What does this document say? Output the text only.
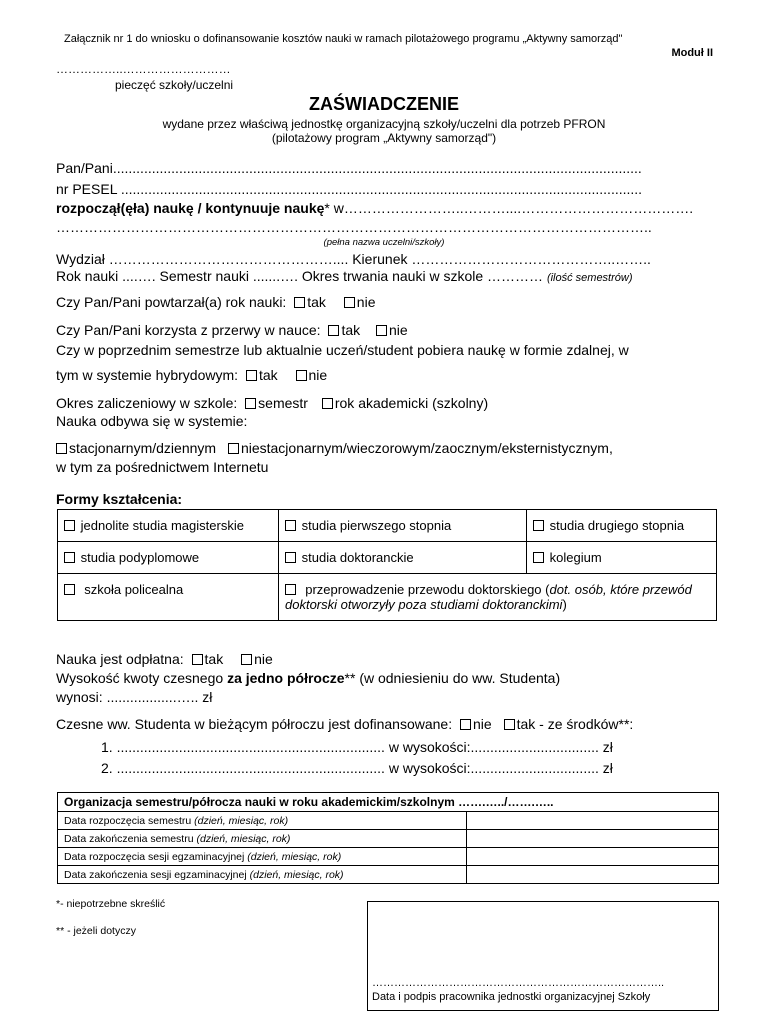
Załącznik nr 1 do wniosku o dofinansowanie kosztów nauki w ramach pilotażowego programu „Aktywny samorząd"
Moduł II
……………..………………………
pieczęć szkoły/uczelni
ZAŚWIADCZENIE
wydane przez właściwą jednostkę organizacyjną szkoły/uczelni dla potrzeb PFRON
(pilotażowy program „Aktywny samorząd")
Pan/Pani........................................................................................................................................
nr PESEL ......................................................................................................................................
rozpoczął(ęła) naukę / kontynuuje naukę* w……………………..………....……………………………….
………………………………………………………………………………………………………………..
(pełna nazwa uczelni/szkoły)
Wydział ………………………………………….... Kierunek ……………………………………..……..
Rok nauki ....…. Semestr nauki .......…. Okres trwania nauki w szkole ………… (ilość semestrów)
Czy Pan/Pani powtarzał(a) rok nauki: tak nie
Czy Pan/Pani korzysta z przerwy w nauce: tak nie
Czy w poprzednim semestrze lub aktualnie uczeń/student pobiera naukę w formie zdalnej, w
tym w systemie hybrydowym: tak nie
Okres zaliczeniowy w szkole: semestr rok akademicki (szkolny)
Nauka odbywa się w systemie:
stacjonarnym/dziennym niestacjonarnym/wieczorowym/zaocznym/eksternistycznym,
w tym za pośrednictwem Internetu
Formy kształcenia:
jednolite studia magisterskie	studia pierwszego stopnia	studia drugiego stopnia
studia podyplomowe	studia doktoranckie	kolegium
szkoła policealna	przeprowadzenie przewodu doktorskiego (dot. osób, które przewód doktorski otworzyły poza studiami doktoranckimi)	
Nauka jest odpłatna: tak nie
Wysokość kwoty czesnego za jedno półrocze** (w odniesieniu do ww. Studenta)
wynosi: ..................….. zł
Czesne ww. Studenta w bieżącym półroczu jest dofinansowane: nie tak - ze środków**:
1. ..................................................................... w wysokości:................................. zł
2. ..................................................................... w wysokości:................................. zł
Organizacja semestru/półrocza nauki w roku akademickim/szkolnym …….…../…….…..	
Data rozpoczęcia semestru (dzień, miesiąc, rok)	
Data zakończenia semestru (dzień, miesiąc, rok)	
Data rozpoczęcia sesji egzaminacyjnej (dzień, miesiąc, rok)	
Data zakończenia sesji egzaminacyjnej (dzień, miesiąc, rok)	
*- niepotrzebne skreślić
** - jeżeli dotyczy
……………………………………………………………………..
Data i podpis pracownika jednostki organizacyjnej Szkoły
